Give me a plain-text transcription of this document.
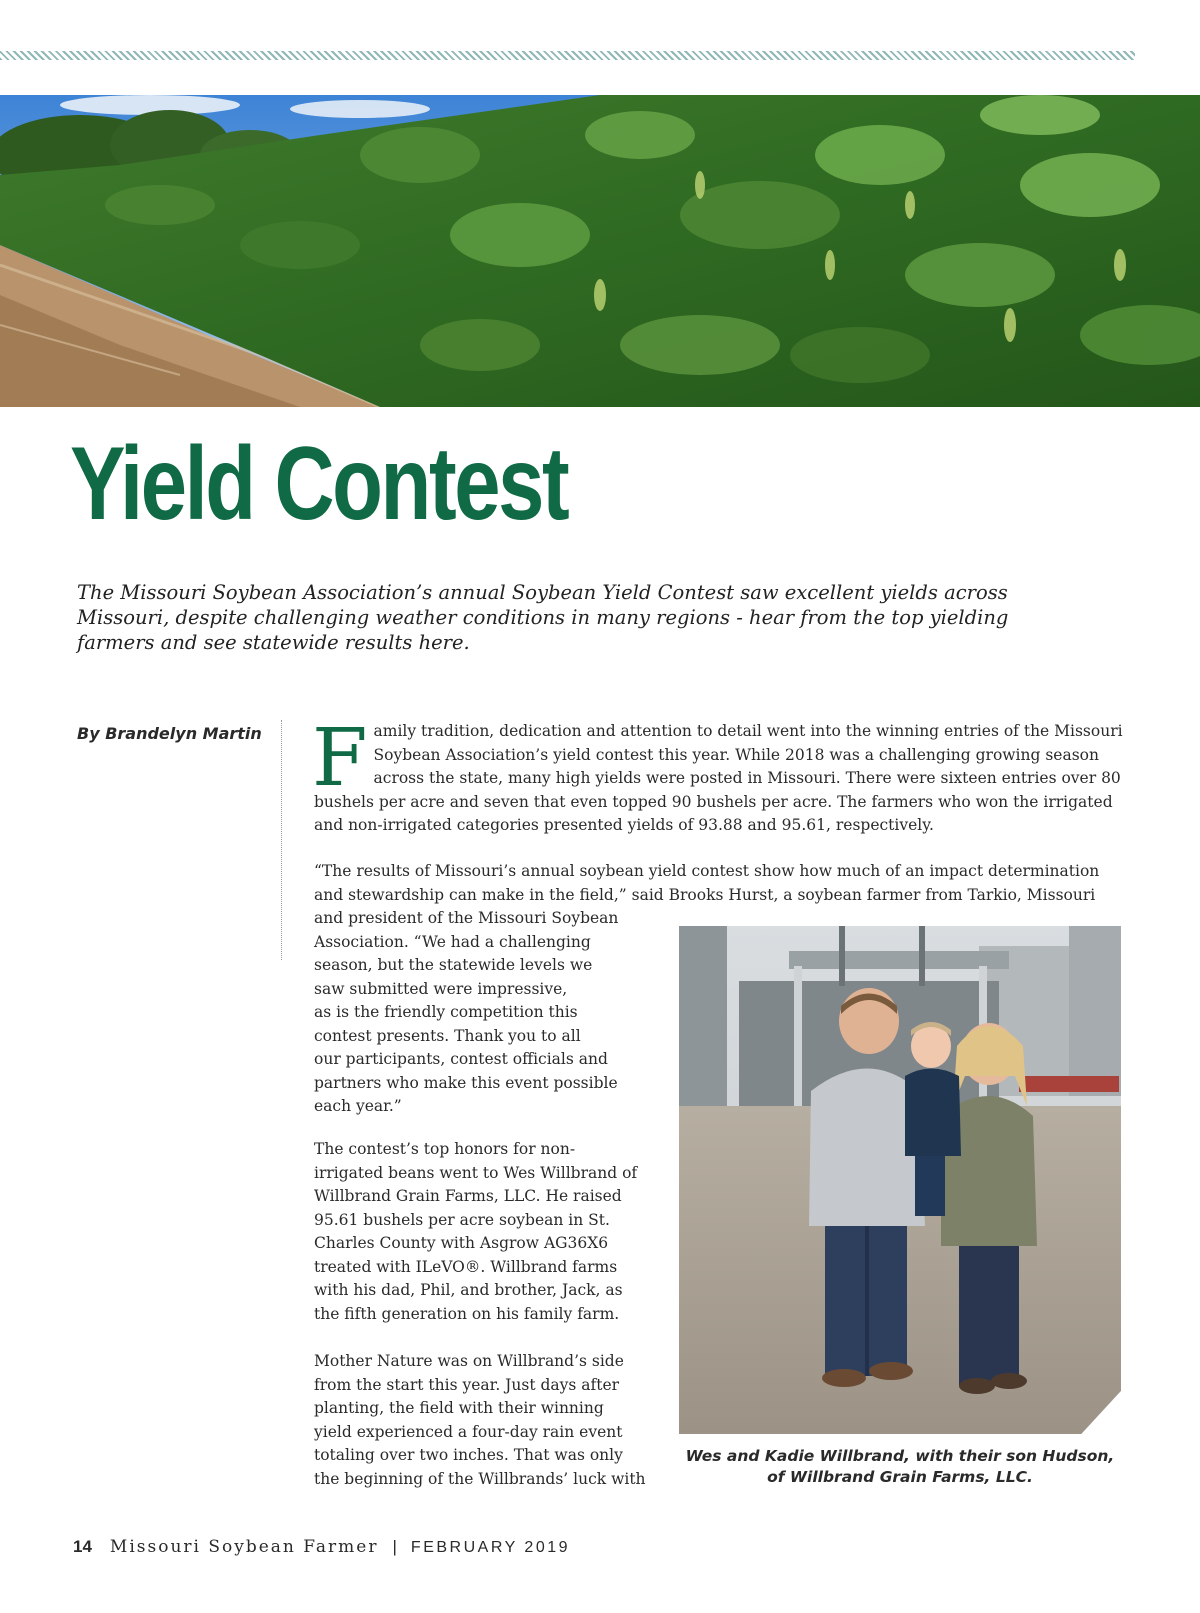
Yield Contest

The Missouri Soybean Association’s annual Soybean Yield Contest saw excellent yields across Missouri, despite challenging weather conditions in many regions - hear from the top yielding farmers and see statewide results here.

By Brandelyn Martin Family tradition, dedication and attention to detail went into the winning entries of the Missouri Soybean Association’s yield contest this year. While 2018 was a challenging growing season across the state, many high yields were posted in Missouri. There were sixteen entries over 80 bushels per acre and seven that even topped 90 bushels per acre. The farmers who won the irrigated and non-irrigated categories presented yields of 93.88 and 95.61, respectively.

“The results of Missouri’s annual soybean yield contest show how much of an impact determination
and stewardship can make in the field,” said Brooks Hurst, a soybean farmer from Tarkio, Missouri
and president of the Missouri Soybean
Association. “We had a challenging
season, but the statewide levels we
saw submitted were impressive,
as is the friendly competition this
contest presents. Thank you to all
our participants, contest officials and
partners who make this event possible
each year.”

The contest’s top honors for non-
irrigated beans went to Wes Willbrand of
Willbrand Grain Farms, LLC. He raised
95.61 bushels per acre soybean in St.
Charles County with Asgrow AG36X6
treated with ILeVO®. Willbrand farms
with his dad, Phil, and brother, Jack, as
the fifth generation on his family farm.

Mother Nature was on Willbrand’s side
from the start this year. Just days after
planting, the field with their winning
yield experienced a four-day rain event
totaling over two inches. That was only
the beginning of the Willbrands’ luck with

Wes and Kadie Willbrand, with their son Hudson,
of Willbrand Grain Farms, LLC.

14 Missouri Soybean Farmer | FEBRUARY 2019
